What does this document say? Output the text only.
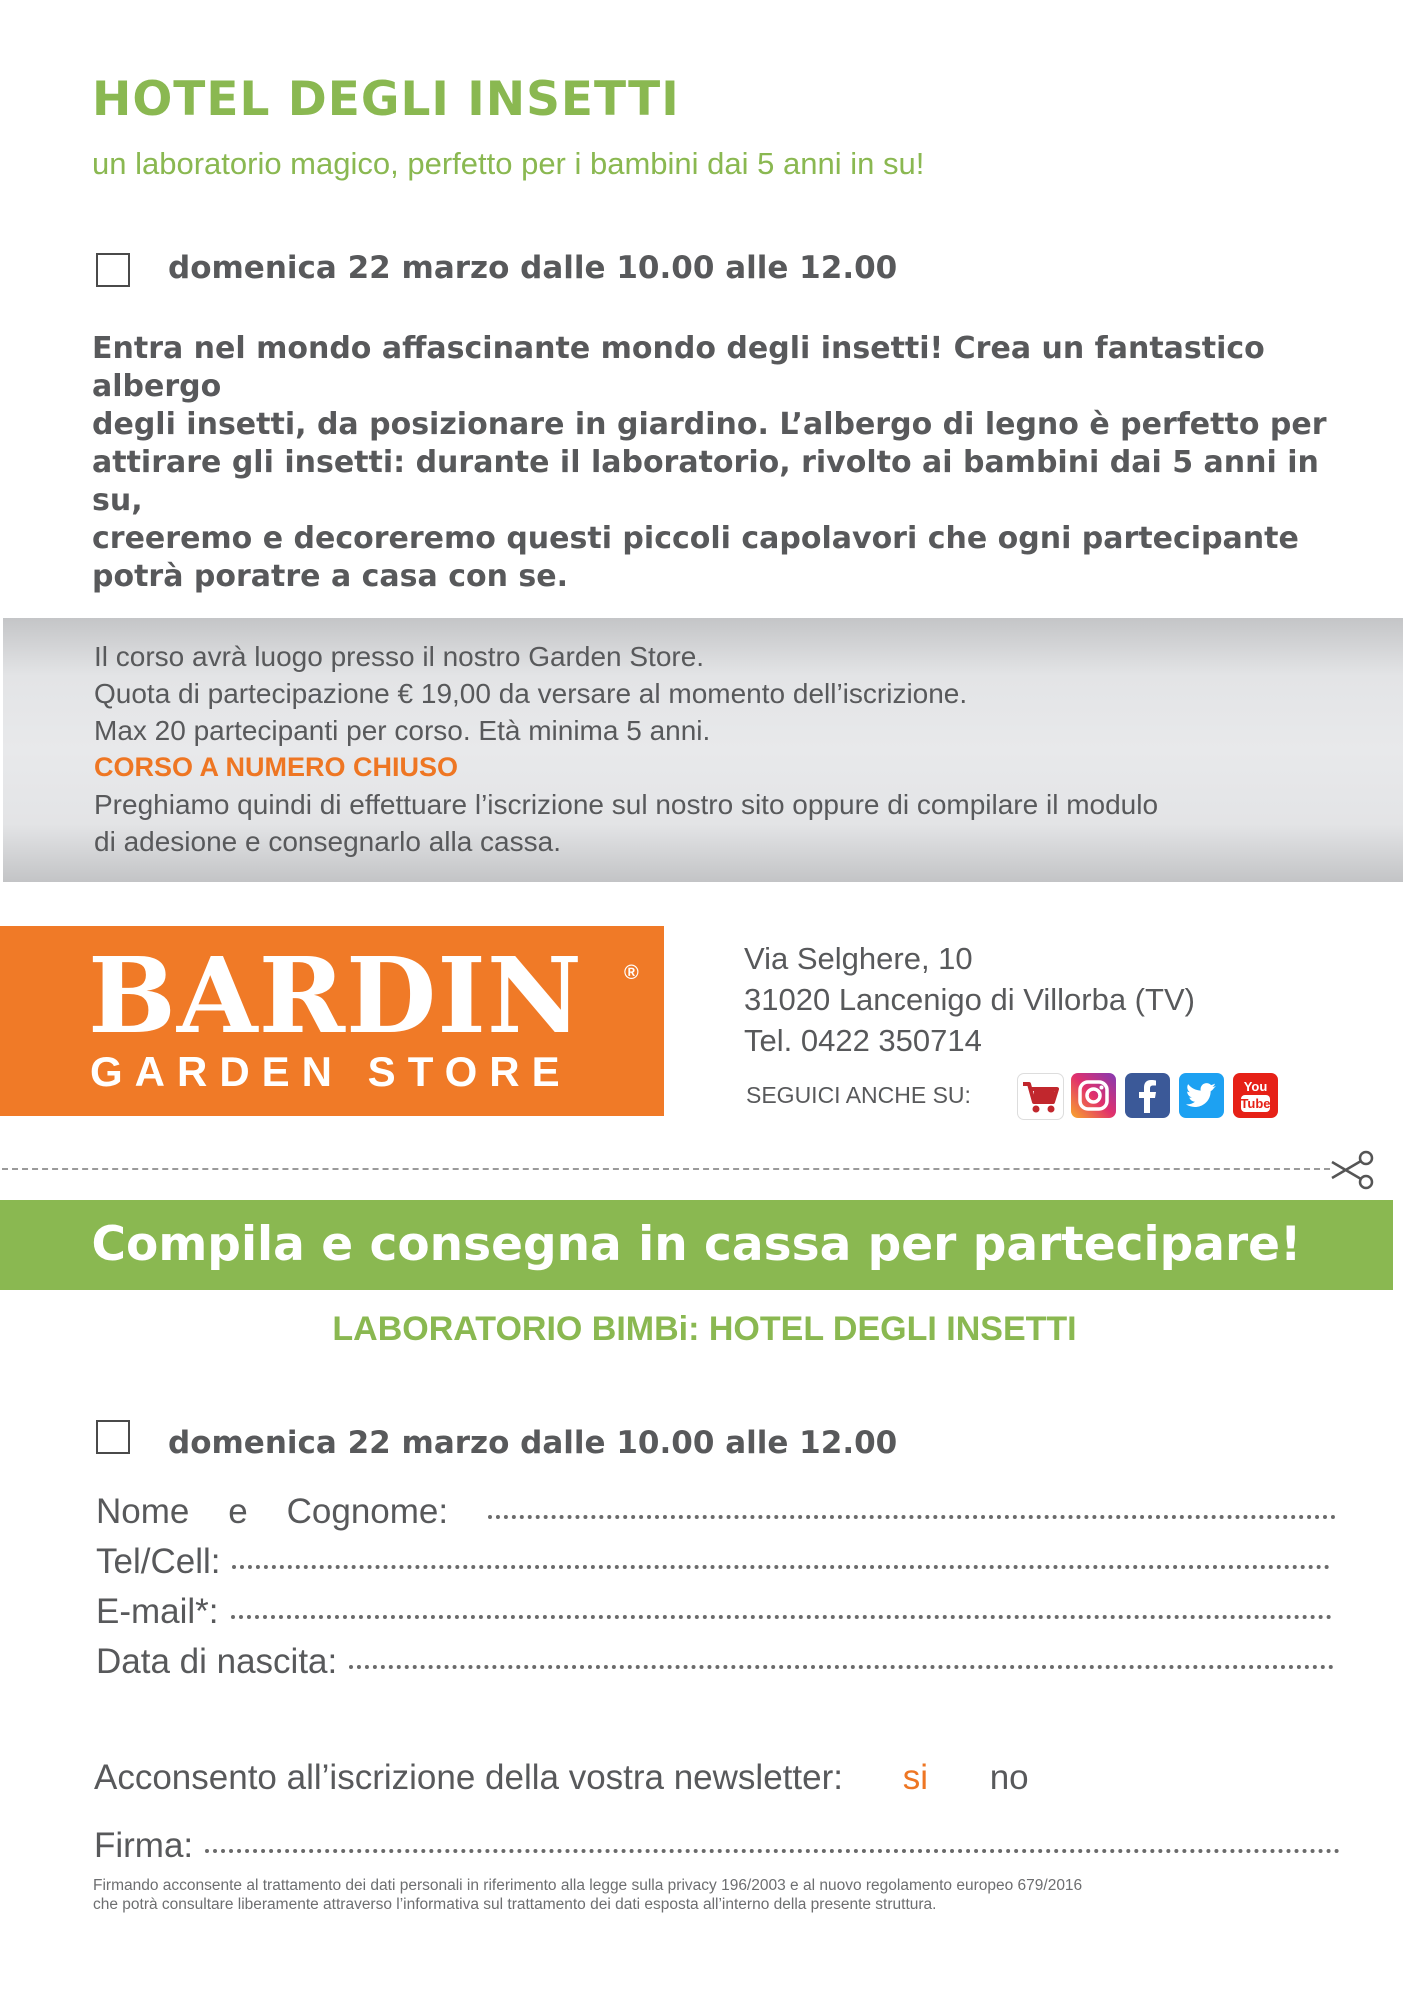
HOTEL DEGLI INSETTI
un laboratorio magico, perfetto per i bambini dai 5 anni in su!
domenica 22 marzo dalle 10.00 alle 12.00
Entra nel mondo affascinante mondo degli insetti! Crea un fantastico albergo
degli insetti, da posizionare in giardino. L’albergo di legno è perfetto per
attirare gli insetti: durante il laboratorio, rivolto ai bambini dai 5 anni in su,
creeremo e decoreremo questi piccoli capolavori che ogni partecipante
potrà poratre a casa con se.
Il corso avrà luogo presso il nostro Garden Store.
Quota di partecipazione € 19,00 da versare al momento dell’iscrizione.
Max 20 partecipanti per corso. Età minima 5 anni.
CORSO A NUMERO CHIUSO
Preghiamo quindi di effettuare l’iscrizione sul nostro sito oppure di compilare il modulo
di adesione e consegnarlo alla cassa.
BARDIN ®
GARDEN STORE
Via Selghere, 10
31020 Lancenigo di Villorba (TV)
Tel. 0422 350714
SEGUICI ANCHE SU:	You
Tube
Compila e consegna in cassa per partecipare!
LABORATORIO BIMBi: HOTEL DEGLI INSETTI
domenica 22 marzo dalle 10.00 alle 12.00
Nome    e    Cognome:
Tel/Cell:
E-mail*:
Data di nascita:
Acconsento all’iscrizione della vostra newsletter: si no
Firma:
Firmando acconsente al trattamento dei dati personali in riferimento alla legge sulla privacy 196/2003 e al nuovo regolamento europeo 679/2016
che potrà consultare liberamente attraverso l’informativa sul trattamento dei dati esposta all’interno della presente struttura.
